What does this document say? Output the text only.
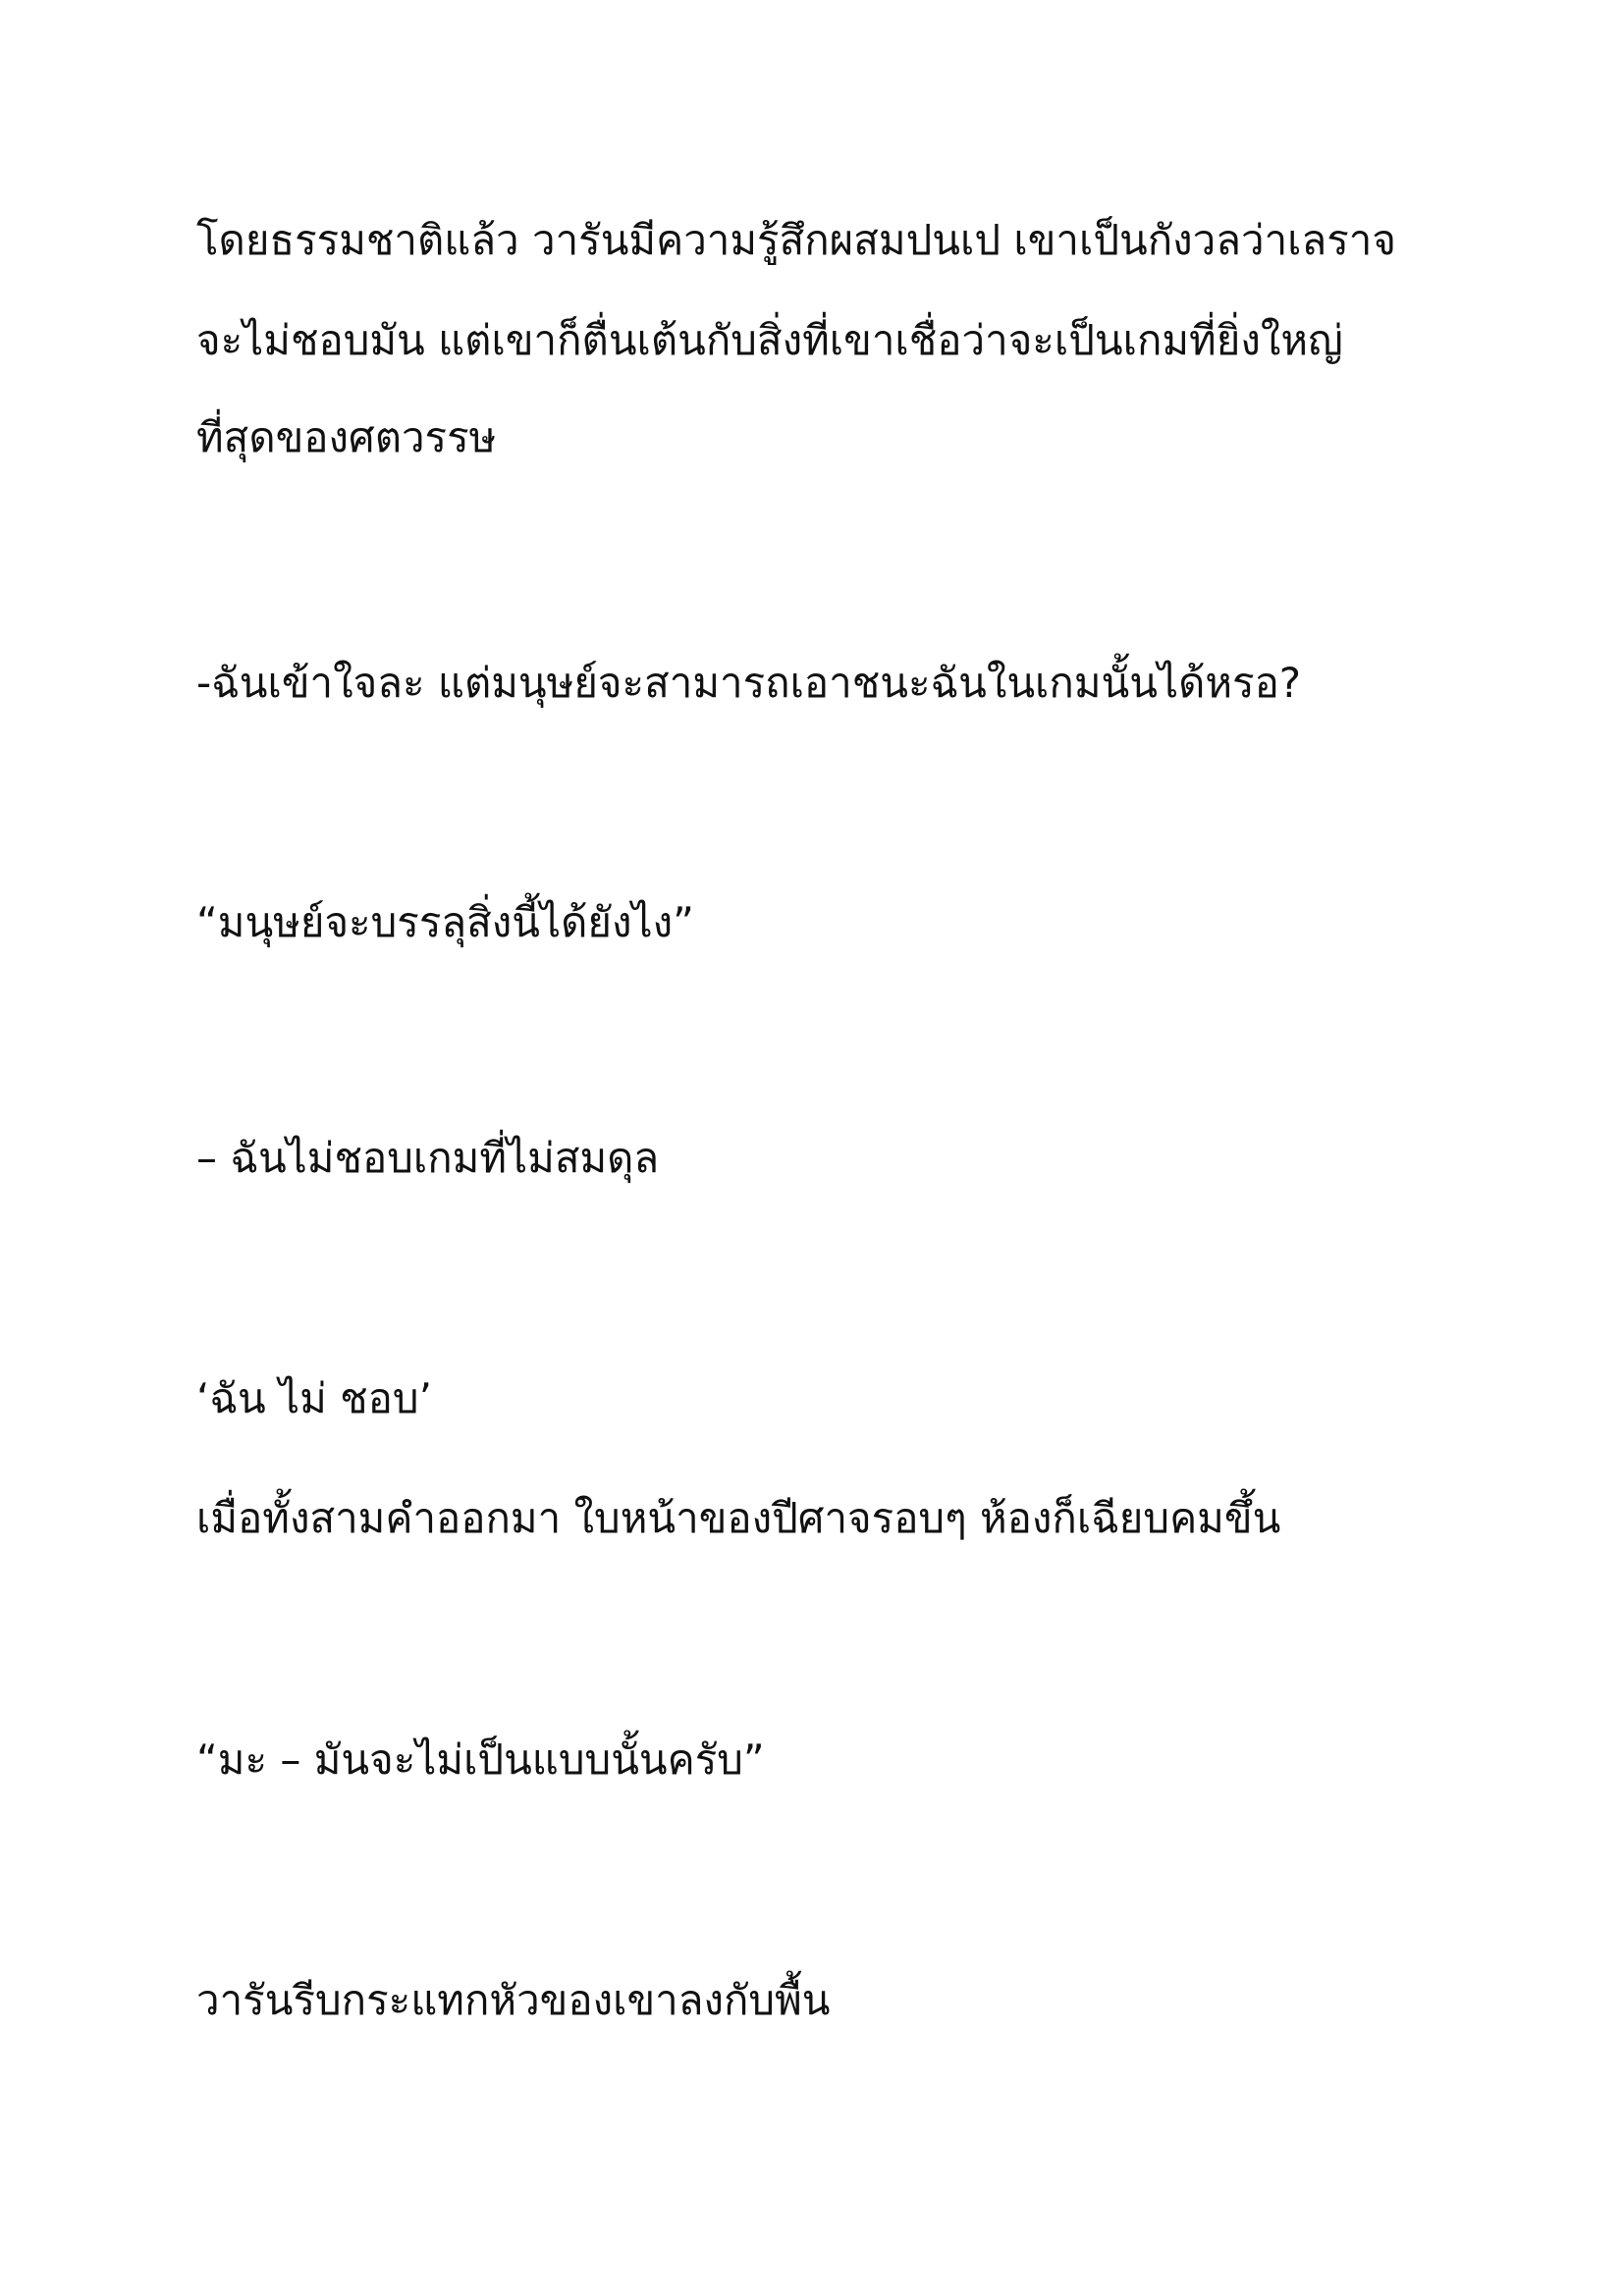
โดยธรรมชาติแล้ว วารันมีความรู้สึกผสมปนเป เขาเป็นกังวลว่าเลราจ

จะไม่ชอบมัน แต่เขาก็ตื่นเต้นกับสิ่งที่เขาเชื่อว่าจะเป็นเกมที่ยิ่งใหญ่

ที่สุดของศตวรรษ

-ฉันเข้าใจละ แต่มนุษย์จะสามารถเอาชนะฉันในเกมนั้นได้หรอ?

“มนุษย์จะบรรลุสิ่งนี้ได้ยังไง”

– ฉันไม่ชอบเกมที่ไม่สมดุล

‘ฉัน ไม่ ชอบ’

เมื่อทั้งสามคำออกมา ใบหน้าของปีศาจรอบๆ ห้องก็เฉียบคมขึ้น

“มะ – มันจะไม่เป็นแบบนั้นครับ”

วารันรีบกระแทกหัวของเขาลงกับพื้น
